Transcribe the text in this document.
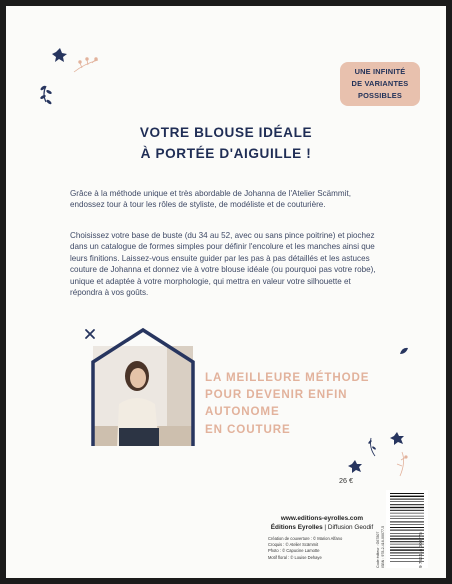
UNE INFINITÉ
DE VARIANTES
POSSIBLES
VOTRE BLOUSE IDÉALE
À PORTÉE D'AIGUILLE !

Grâce à la méthode unique et très abordable de Johanna de l'Atelier Scämmit, endossez tour à tour les rôles de styliste, de modéliste et de couturière.

Choisissez votre base de buste (du 34 au 52, avec ou sans pince poitrine) et piochez dans un catalogue de formes simples pour définir l'encolure et les manches ainsi que leurs finitions. Laissez-vous ensuite guider par les pas à pas détaillés et les astuces couture de Johanna et donnez vie à votre blouse idéale (ou pourquoi pas votre robe), unique et adaptée à votre morphologie, qui mettra en valeur votre silhouette et répondra à vos goûts.

LA MEILLEURE MÉTHODE
POUR DEVENIR ENFIN
AUTONOME
EN COUTURE
26 €
www.editions-eyrolles.com
Éditions Eyrolles | Diffusion Geodif
Création de couverture : © Marion Alfano
Croquis : © Atelier Scämmit
Photo : © Capucine Lamotte
Motif floral : © Louise Dehaye	Code éditeur : G67807 ISBN : 978-2-416-00077-5	9 782416 000775
